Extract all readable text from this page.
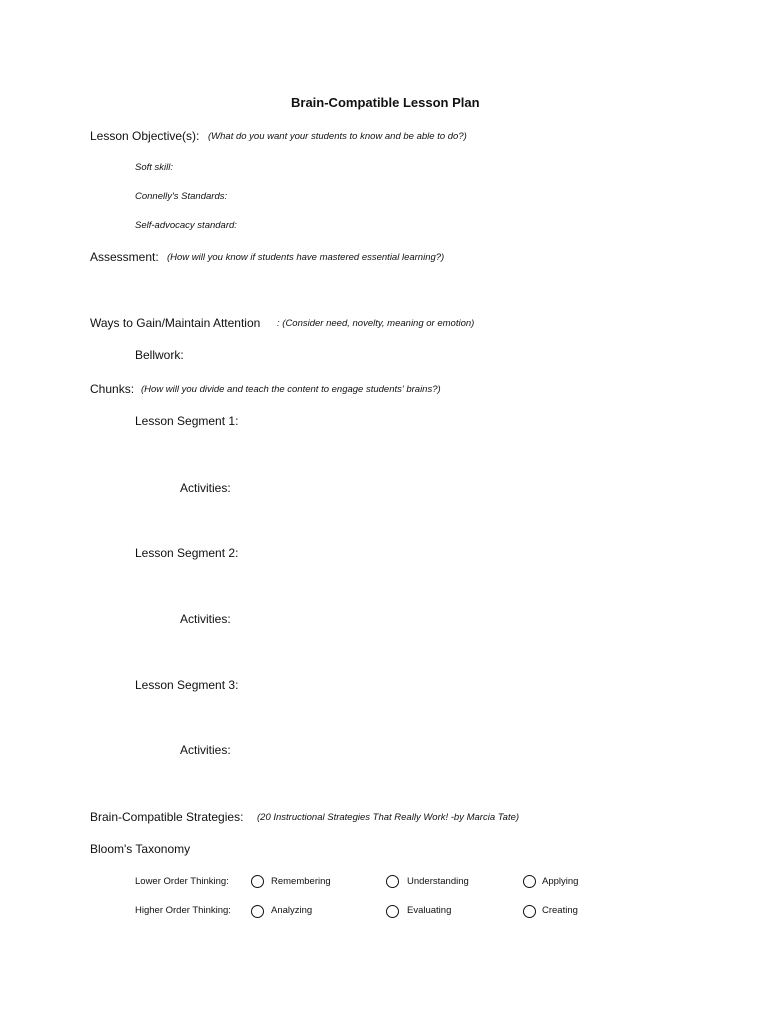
Brain-Compatible Lesson Plan
Lesson Objective(s): (What do you want your students to know and be able to do?)
Soft skill:
Connelly's Standards:
Self-advocacy standard:
Assessment: (How will you know if students have mastered essential learning?)
Ways to Gain/Maintain Attention : (Consider need, novelty, meaning or emotion)
Bellwork:
Chunks: (How will you divide and teach the content to engage students' brains?)
Lesson Segment 1:
Activities:
Lesson Segment 2:
Activities:
Lesson Segment 3:
Activities:
Brain-Compatible Strategies: (20 Instructional Strategies That Really Work! -by Marcia Tate)
Bloom's Taxonomy
Lower Order Thinking:	Remembering	Understanding	Applying
Higher Order Thinking:	Analyzing	Evaluating	Creating
